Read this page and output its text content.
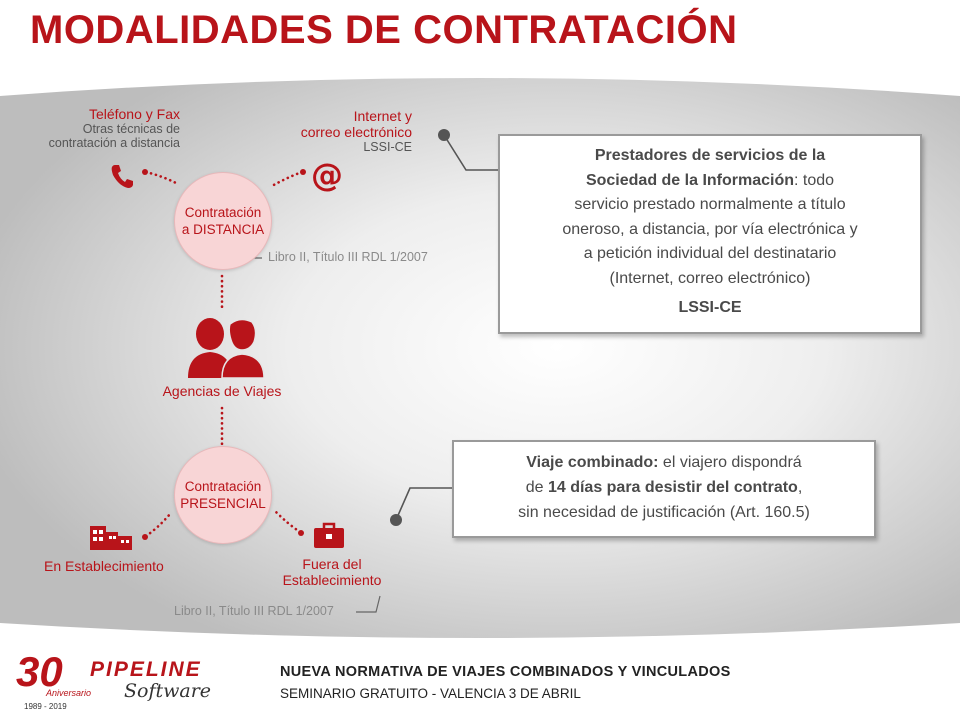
MODALIDADES DE CONTRATACIÓN
Teléfono y Fax
Otras técnicas de contratación a distancia
Internet y
correo electrónico
LSSI-CE
@
Contratación
a DISTANCIA
Libro II, Título III RDL 1/2007
Agencias de Viajes
Contratación
PRESENCIAL
En Establecimiento	Fuera del
Establecimiento
Libro II, Título III RDL 1/2007
Prestadores de servicios de la
Sociedad de la Información: todo
servicio prestado normalmente a título
oneroso, a distancia, por vía electrónica y
a petición individual del destinatario
(Internet, correo electrónico)
LSSI-CE
Viaje combinado: el viajero dispondrá
de 14 días para desistir del contrato,
sin necesidad de justificación (Art. 160.5)
30
Aniversario
1989 - 2019
PIPELINE
Software
NUEVA NORMATIVA DE VIAJES COMBINADOS Y VINCULADOS
SEMINARIO GRATUITO - VALENCIA 3 DE ABRIL
